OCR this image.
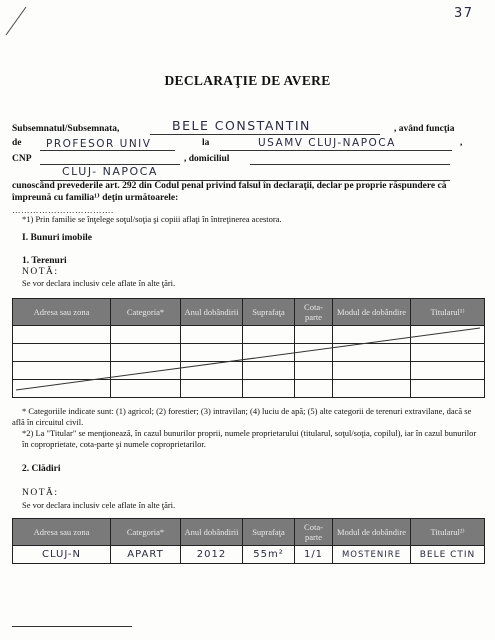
37
DECLARAŢIE DE AVERE
Subsemnatul/Subsemnata,	BELE CONSTANTIN	, având funcţia
de PROFESOR UNIV	la	USAMV CLUJ-NAPOCA	,
CNP	, domiciliul
CLUJ- NAPOCA
cunoscând prevederile art. 292 din Codul penal privind falsul în declaraţii, declar pe proprie răspundere că împreună cu familia¹⁾ deţin următoarele:
…………………………….
*1) Prin familie se înţelege soţul/soţia şi copiii aflaţi în întreţinerea acestora.
I. Bunuri imobile
1. Terenuri
NOTĂ:
Se vor declara inclusiv cele aflate în alte ţări.
Adresa sau zona	Categoria*	Anul dobândirii	Suprafaţa	Cota-parte	Modul de dobândire	Titularul¹⁾

* Categoriile indicate sunt: (1) agricol; (2) forestier; (3) intravilan; (4) luciu de apă; (5) alte categorii de terenuri extravilane, dacă se află în circuitul civil.
*2) La "Titular" se menţionează, în cazul bunurilor proprii, numele proprietarului (titularul, soţul/soţia, copilul), iar în cazul bunurilor în coproprietate, cota-parte şi numele coproprietarilor.
2. Clădiri
NOTĂ:
Se vor declara inclusiv cele aflate în alte ţări.
Adresa sau zona	Categoria*	Anul dobândirii	Suprafaţa	Cota-parte	Modul de dobândire	Titularul²⁾
CLUJ-N	APART	2012	55m²	1/1	MOSTENIRE	BELE CTIN
